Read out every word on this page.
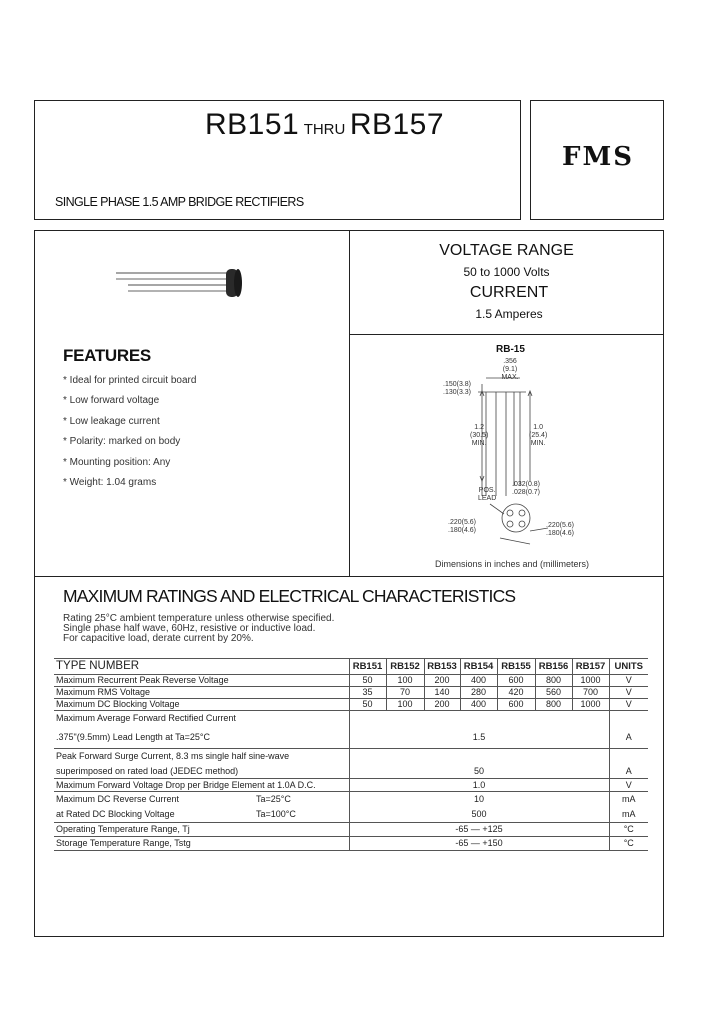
RB151 THRU RB157
SINGLE PHASE 1.5 AMP BRIDGE RECTIFIERS
FMS
VOLTAGE RANGE
50 to 1000 Volts
CURRENT
1.5 Amperes
FEATURES
* Ideal for printed circuit board
* Low forward voltage
* Low leakage current
* Polarity: marked on body
* Mounting position: Any
* Weight: 1.04 grams
RB-15
.356
(9.1)
MAX.
.150(3.8)
.130(3.3)
1.2
(30.5)
MIN.
1.0
(25.4)
MIN.
POS.
LEAD
.032(0.8)
.028(0.7)
.220(5.6)
.180(4.6)
.220(5.6)
.180(4.6)
Dimensions in inches and (millimeters)
MAXIMUM RATINGS AND ELECTRICAL CHARACTERISTICS
Rating 25°C ambient temperature unless otherwise specified.
Single phase half wave, 60Hz, resistive or inductive load.
For capacitive load, derate current by 20%.
TYPE NUMBER	RB151	RB152	RB153	RB154	RB155	RB156	RB157	UNITS
Maximum Recurrent Peak Reverse Voltage	50	100	200	400	600	800	1000	V
Maximum RMS Voltage	35	70	140	280	420	560	700	V
Maximum DC Blocking Voltage	50	100	200	400	600	800	1000	V
Maximum Average Forward Rectified Current								
.375"(9.5mm) Lead Length at Ta=25°C	1.5							A
Peak Forward Surge Current, 8.3 ms single half sine-wave								
superimposed on rated load (JEDEC method)	50							A
Maximum Forward Voltage Drop per Bridge Element at 1.0A D.C.	1.0							V
Maximum DC Reverse Current Ta=25°C	10							mA
at Rated DC Blocking Voltage Ta=100°C	500							mA
Operating Temperature Range, Tj	-65 — +125							°C
Storage Temperature Range, Tstg	-65 — +150							°C
